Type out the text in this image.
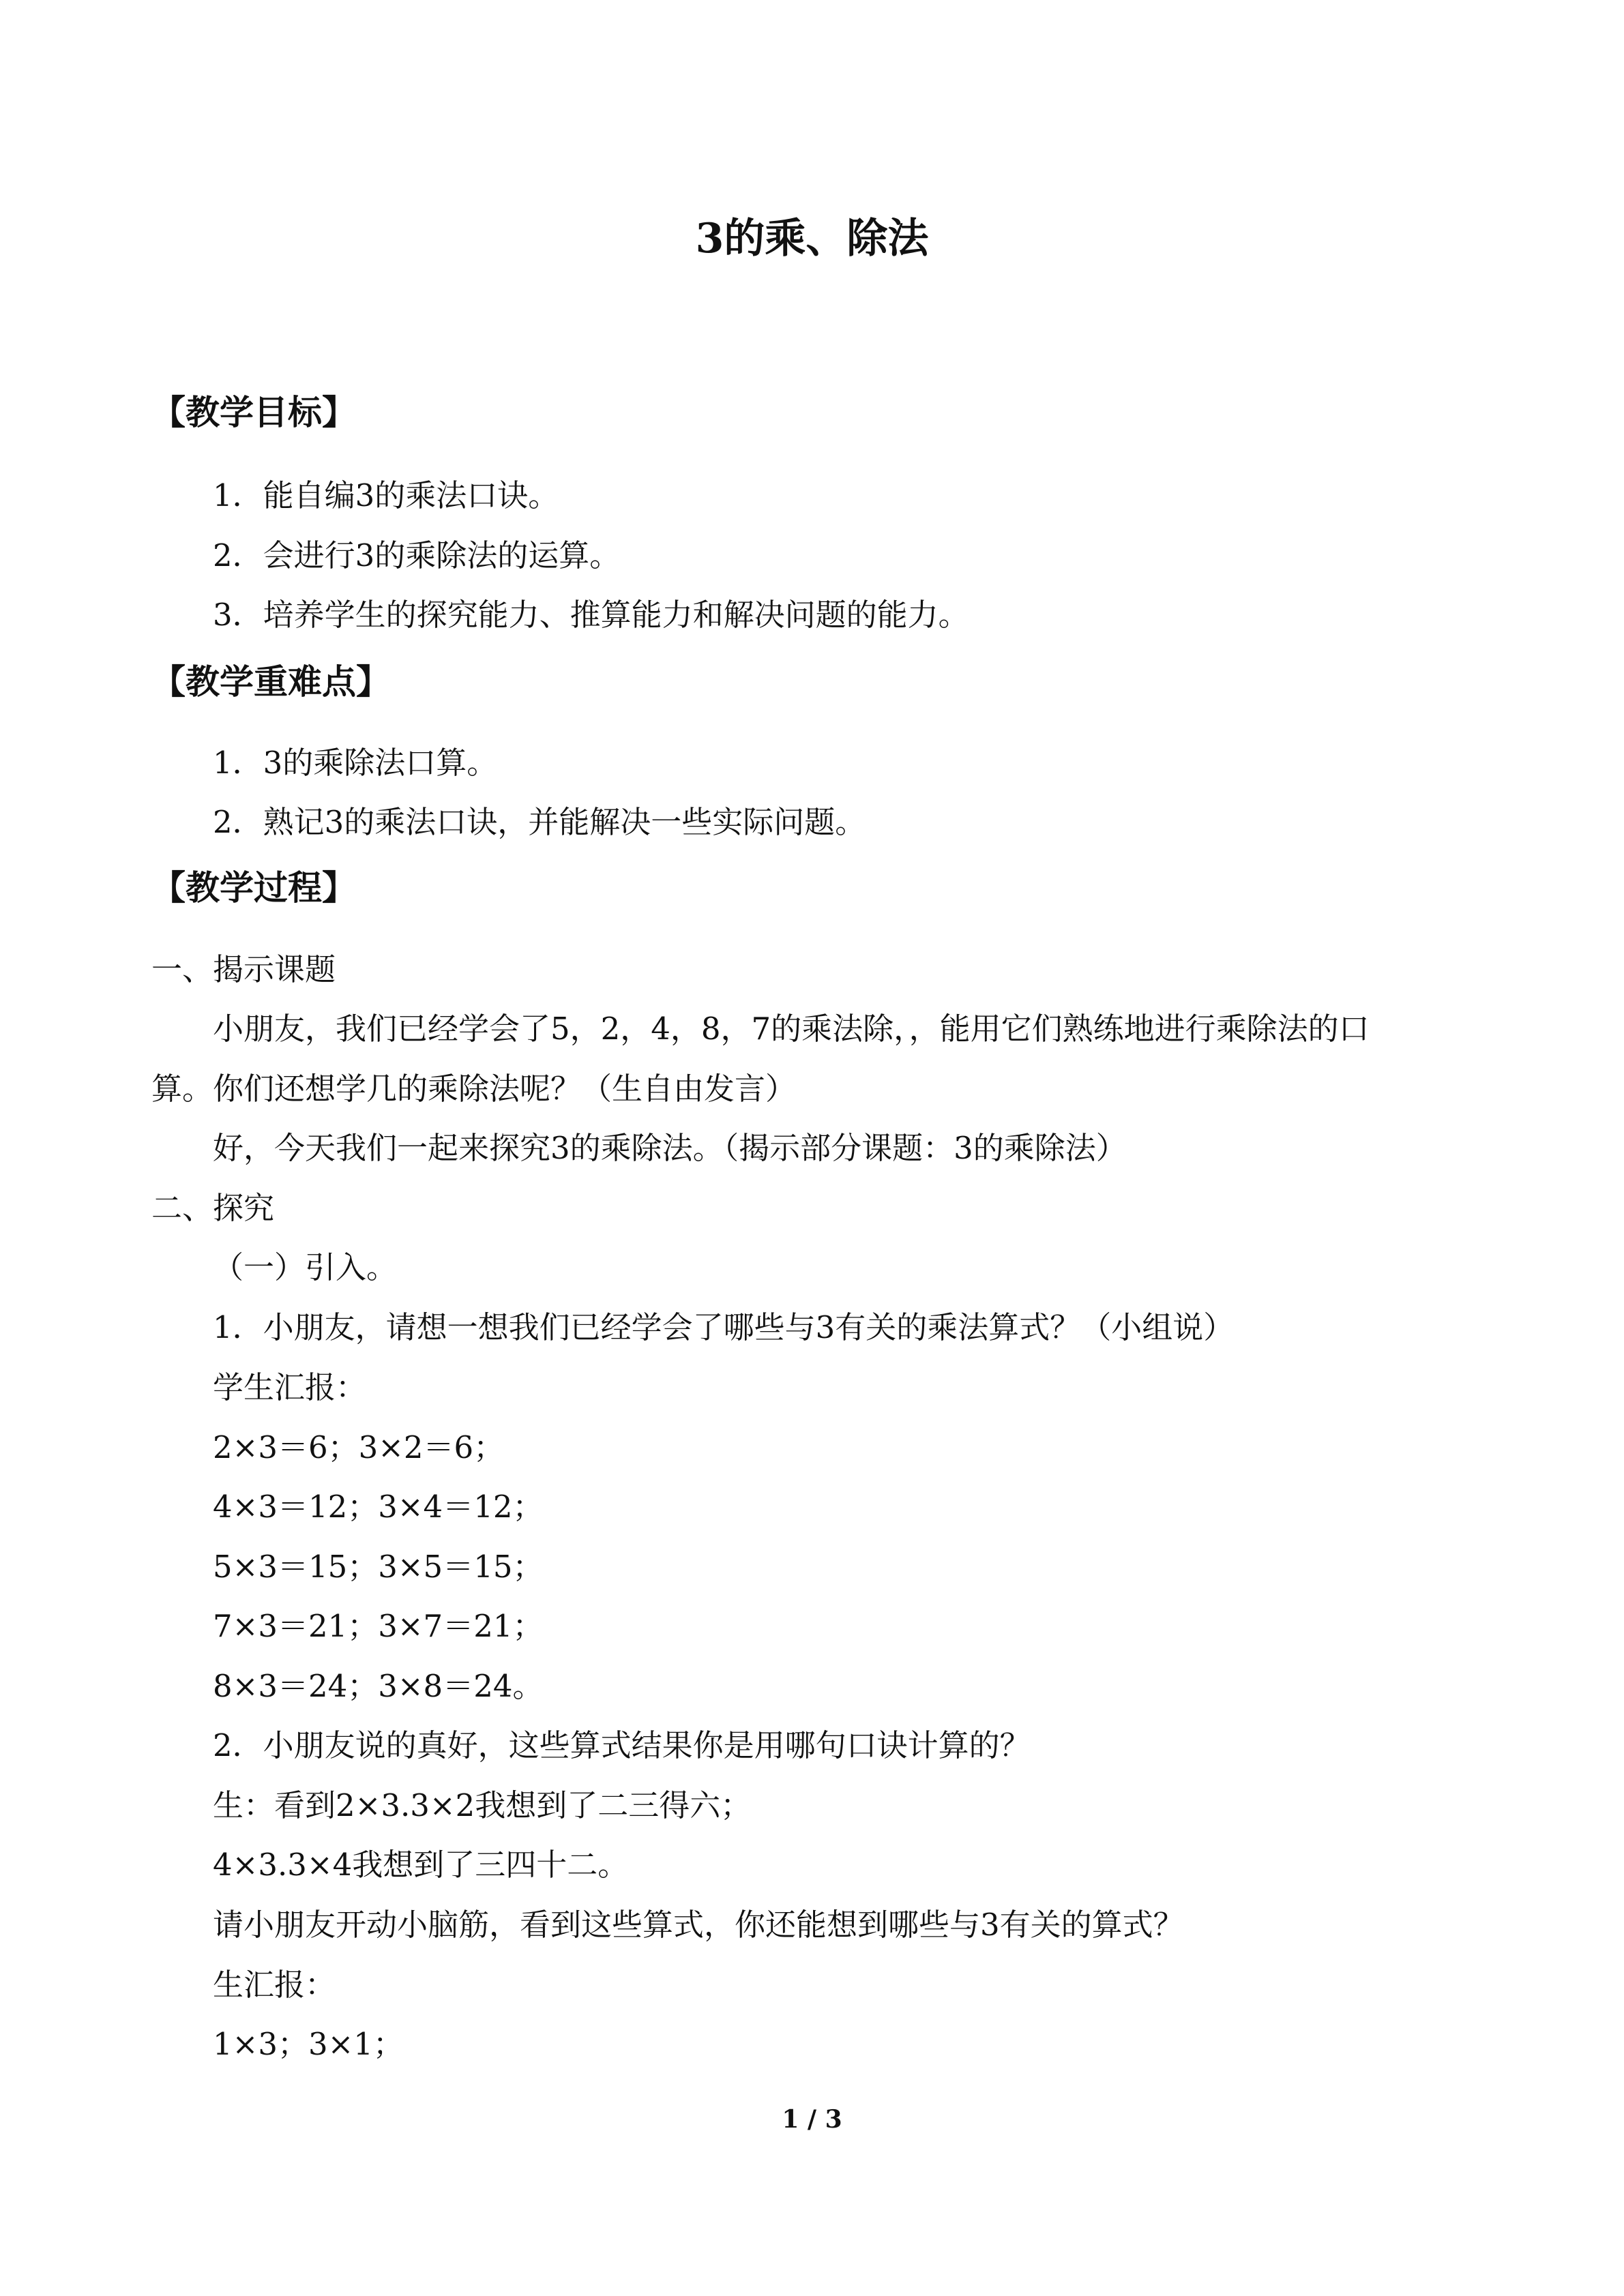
3的乘、除法
【教学目标】
1．能自编3的乘法口诀。
2．会进行3的乘除法的运算。
3．培养学生的探究能力、推算能力和解决问题的能力。
【教学重难点】
1．3的乘除法口算。
2．熟记3的乘法口诀，并能解决一些实际问题。
【教学过程】
一、揭示课题
小朋友，我们已经学会了5，2，4，8，7的乘法除，，能用它们熟练地进行乘除法的口
算。你们还想学几的乘除法呢？（生自由发言）
好，今天我们一起来探究3的乘除法。（揭示部分课题：3的乘除法）
二、探究
（一）引入。
1．小朋友，请想一想我们已经学会了哪些与3有关的乘法算式？（小组说）
学生汇报：
2×3＝6；3×2＝6；
4×3＝12；3×4＝12；
5×3＝15；3×5＝15；
7×3＝21；3×7＝21；
8×3＝24；3×8＝24。
2．小朋友说的真好，这些算式结果你是用哪句口诀计算的？
生：看到2×3.3×2我想到了二三得六；
4×3.3×4我想到了三四十二。
请小朋友开动小脑筋，看到这些算式，你还能想到哪些与3有关的算式？
生汇报：
1×3；3×1；
1 / 3
